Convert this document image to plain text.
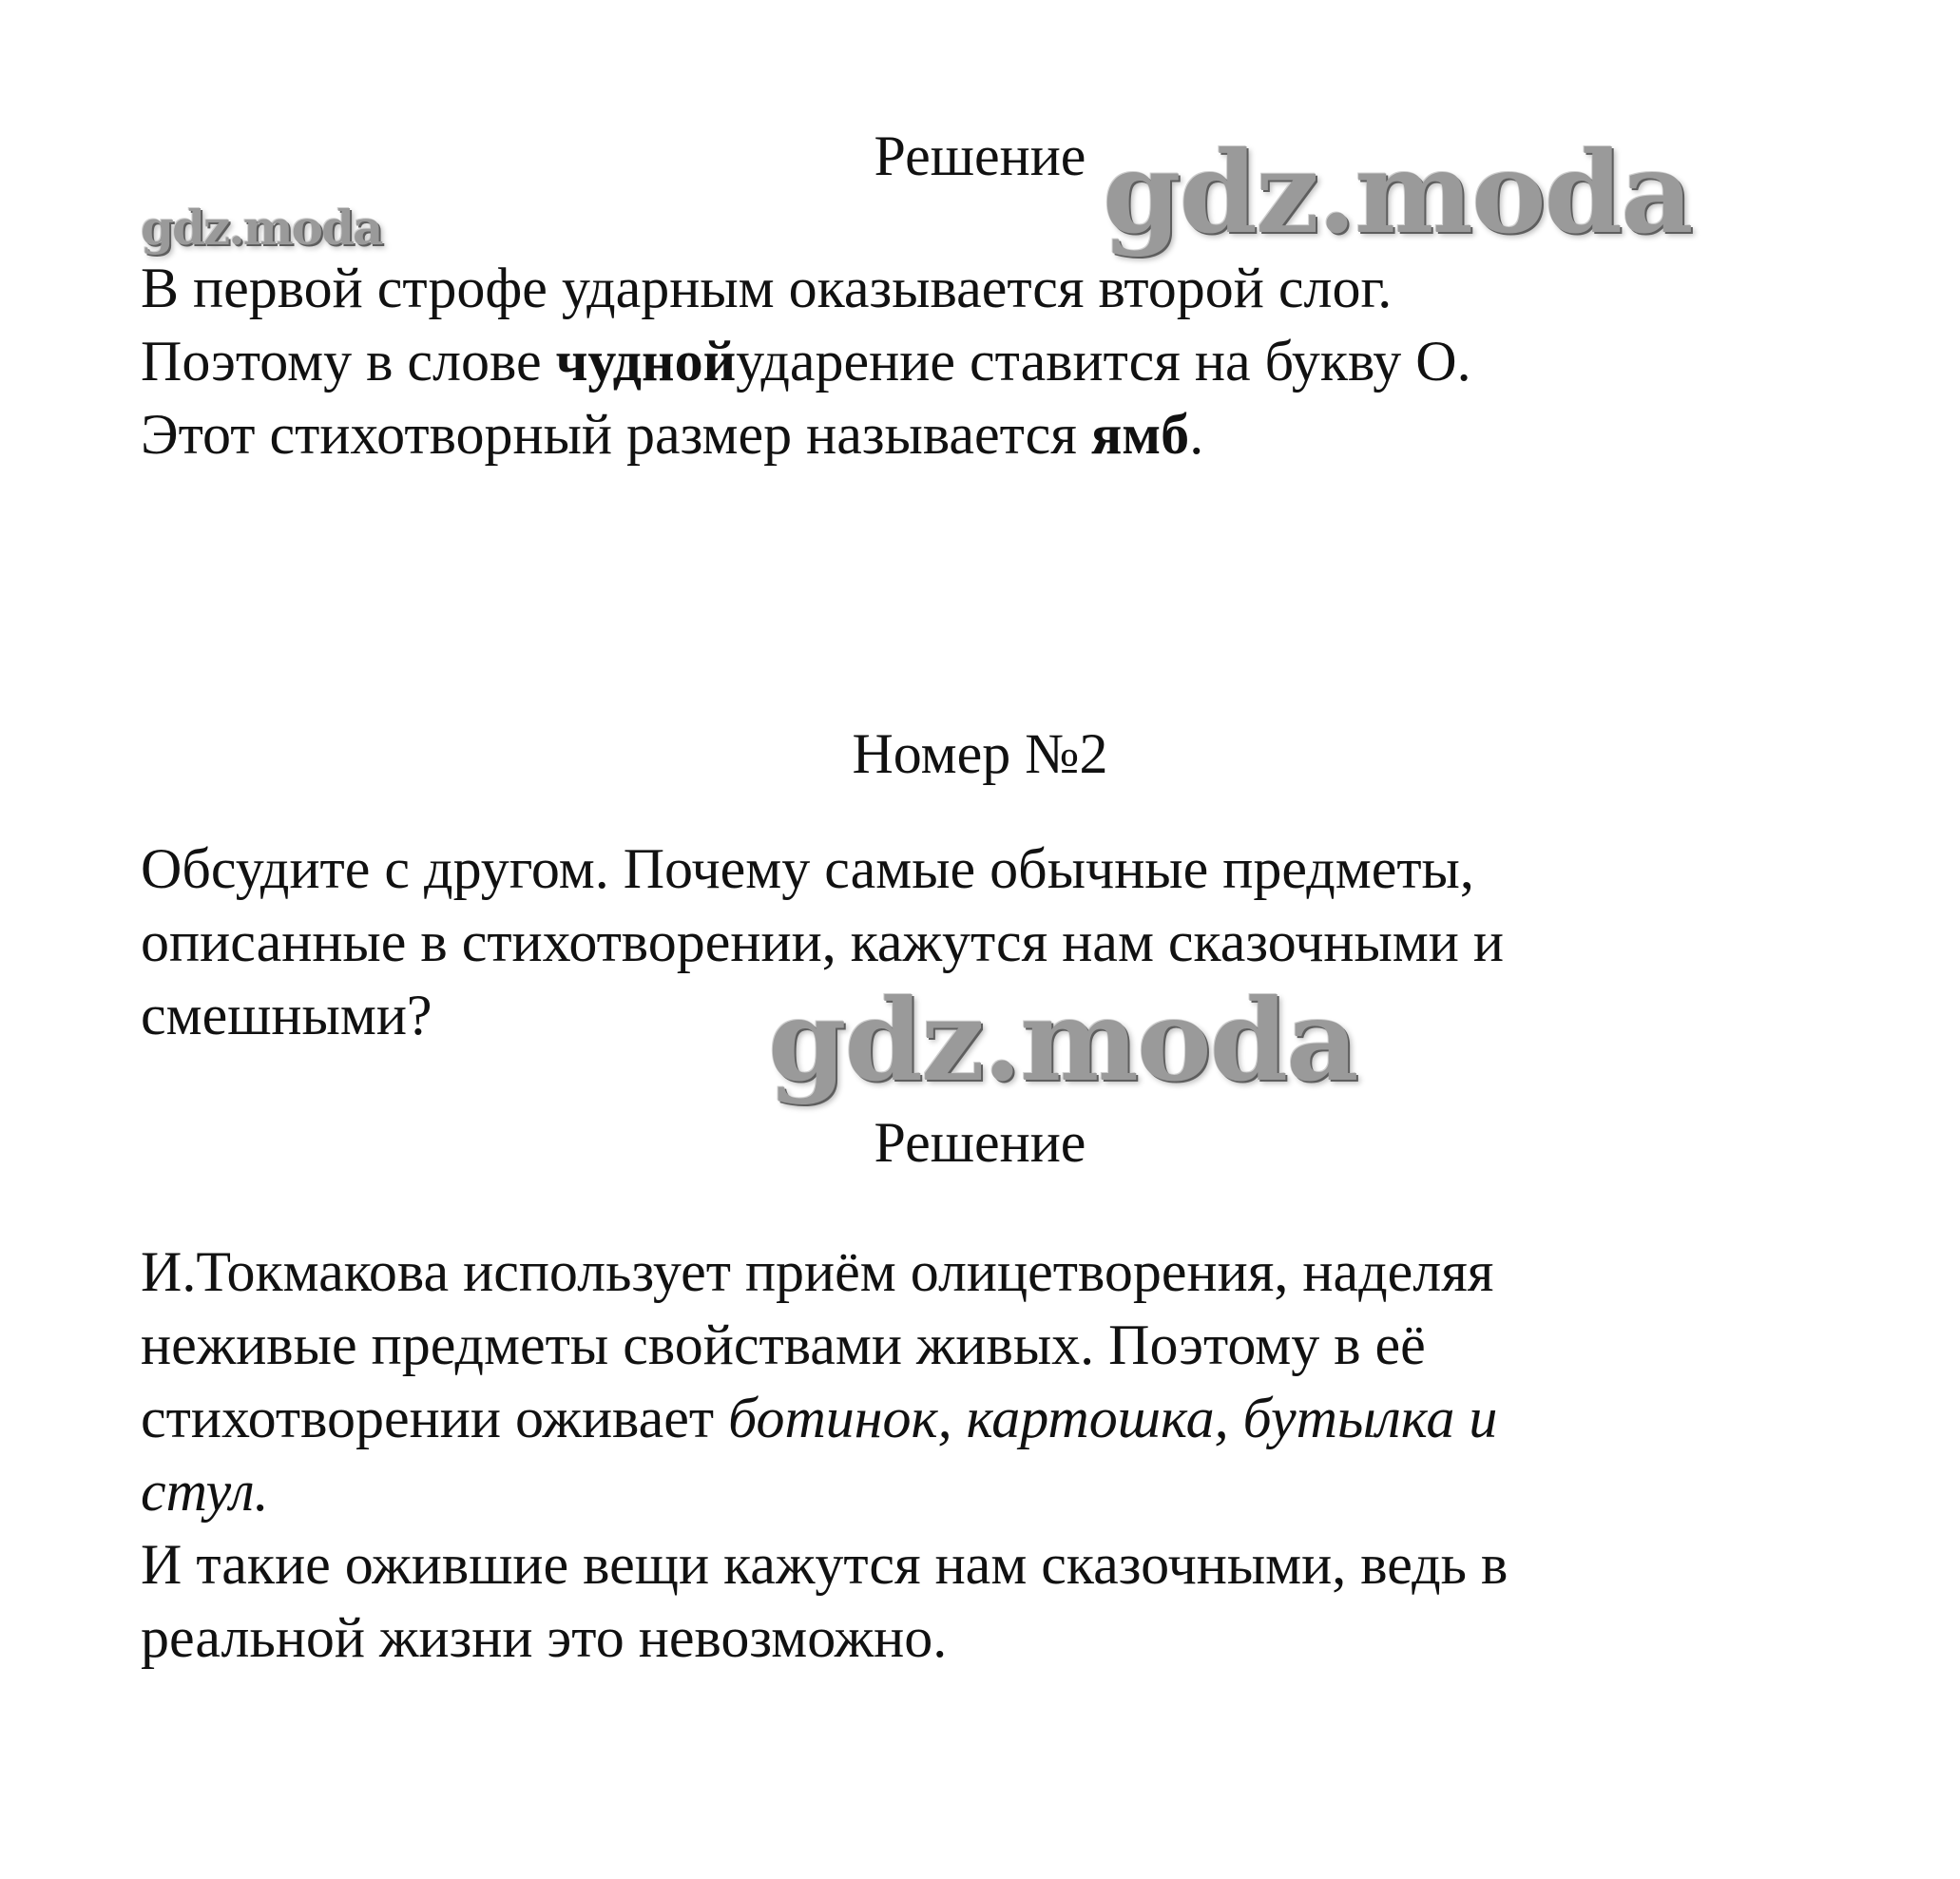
gdz.moda
gdz.moda
gdz.moda
Решение

В первой строфе ударным оказывается второй слог.
Поэтому в слове чуднойударение ставится на букву О.
Этот стихотворный размер называется ямб.

Номер №2

Обсудите с другом. Почему самые обычные предметы,
описанные в стихотворении, кажутся нам сказочными и
смешными?

Решение

И.Токмакова использует приём олицетворения, наделяя
неживые предметы свойствами живых. Поэтому в её
стихотворении оживает ботинок, картошка, бутылка и
стул.
И такие ожившие вещи кажутся нам сказочными, ведь в
реальной жизни это невозможно.
